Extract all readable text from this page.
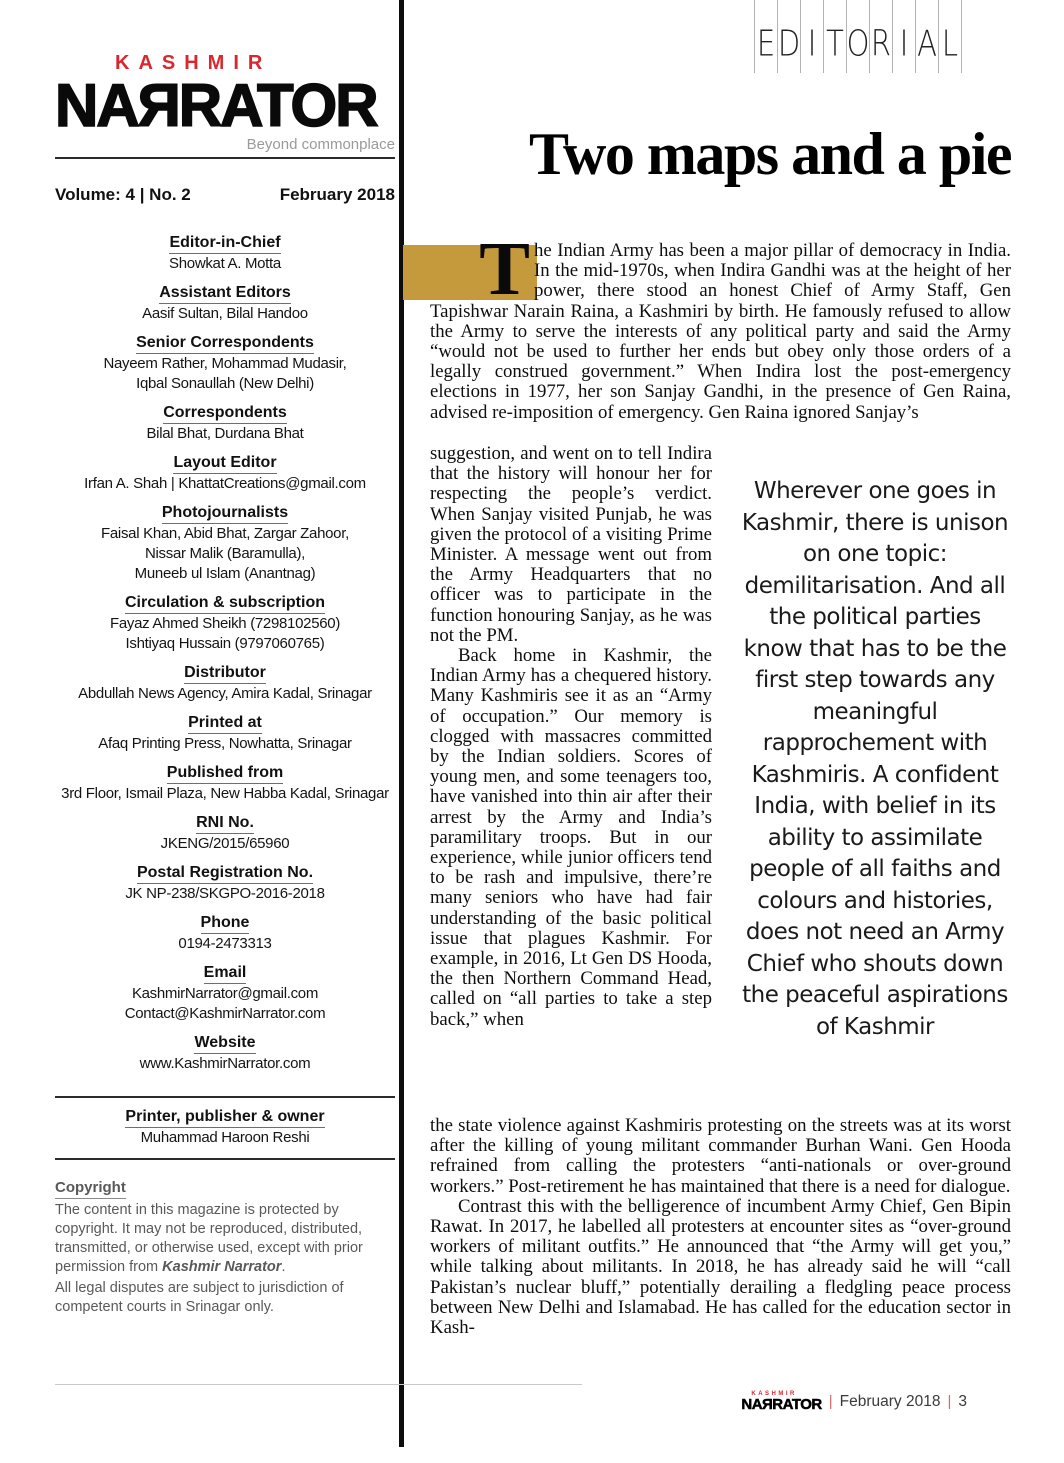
KASHMIR
NAЯRATOR
Beyond commonplace
Volume: 4 | No. 2	February 2018
Editor-in-Chief
Showkat A. Motta
Assistant Editors
Aasif Sultan, Bilal Handoo
Senior Correspondents
Nayeem Rather, Mohammad Mudasir,
Iqbal Sonaullah (New Delhi)
Correspondents
Bilal Bhat, Durdana Bhat
Layout Editor
Irfan A. Shah | KhattatCreations@gmail.com
Photojournalists
Faisal Khan, Abid Bhat, Zargar Zahoor,
Nissar Malik (Baramulla),
Muneeb ul Islam (Anantnag)
Circulation & subscription
Fayaz Ahmed Sheikh (7298102560)
Ishtiyaq Hussain (9797060765)
Distributor
Abdullah News Agency, Amira Kadal, Srinagar
Printed at
Afaq Printing Press, Nowhatta, Srinagar
Published from
3rd Floor, Ismail Plaza, New Habba Kadal, Srinagar
RNI No.
JKENG/2015/65960
Postal Registration No.
JK NP-238/SKGPO-2016-2018
Phone
0194-2473313
Email
KashmirNarrator@gmail.com
Contact@KashmirNarrator.com
Website
www.KashmirNarrator.com
Printer, publisher & owner
Muhammad Haroon Reshi
Copyright

The content in this magazine is protected by copyright. It may not be reproduced, distributed, transmitted, or otherwise used, except with prior permission from Kashmir Narrator.

All legal disputes are subject to jurisdiction of competent courts in Srinagar only.

E D I T O R I A L
Two maps and a pie

The Indian Army has been a major pillar of democracy in India. In the mid-1970s, when Indira Gandhi was at the height of her power, there stood an honest Chief of Army Staff, Gen Tapishwar Narain Raina, a Kashmiri by birth. He famously refused to allow the Army to serve the interests of any political party and said the Army “would not be used to further her ends but obey only those orders of a legally construed government.” When Indira lost the post-emergency elections in 1977, her son Sanjay Gandhi, in the presence of Gen Raina, advised re-imposition of emergency. Gen Raina ignored Sanjay’s

suggestion, and went on to tell Indira that the history will honour her for respecting the people’s verdict. When Sanjay visited Punjab, he was given the protocol of a visiting Prime Minister. A message went out from the Army Headquarters that no officer was to participate in the function honouring Sanjay, as he was not the PM.

Back home in Kashmir, the Indian Army has a chequered history. Many Kashmiris see it as an “Army of occupation.” Our memory is clogged with massacres committed by the Indian soldiers. Scores of young men, and some teenagers too, have vanished into thin air after their arrest by the Army and India’s paramilitary troops. But in our experience, while junior officers tend to be rash and impulsive, there’re many seniors who have had fair understanding of the basic political issue that plagues Kashmir. For example, in 2016, Lt Gen DS Hooda, the then Northern Command Head, called on “all parties to take a step back,” when

Wherever one goes in Kashmir, there is unison on one topic: demilitarisation. And all the political parties know that has to be the first step towards any meaningful rapprochement with Kashmiris. A confident India, with belief in its ability to assimilate people of all faiths and colours and histories, does not need an Army Chief who shouts down the peaceful aspirations of Kashmir

the state violence against Kashmiris protesting on the streets was at its worst after the killing of young militant commander Burhan Wani. Gen Hooda refrained from calling the protesters “anti-nationals or over-ground workers.” Post-retirement he has maintained that there is a need for dialogue.

Contrast this with the belligerence of incumbent Army Chief, Gen Bipin Rawat. In 2017, he labelled all protesters at encounter sites as “over-ground workers of militant outfits.” He announced that “the Army will get you,” while talking about militants. In 2018, he has already said he will “call Pakistan’s nuclear bluff,” potentially derailing a fledgling peace process between New Delhi and Islamabad. He has called for the education sector in Kash-

KASHMIR
NAЯRATOR | February 2018 | 3
